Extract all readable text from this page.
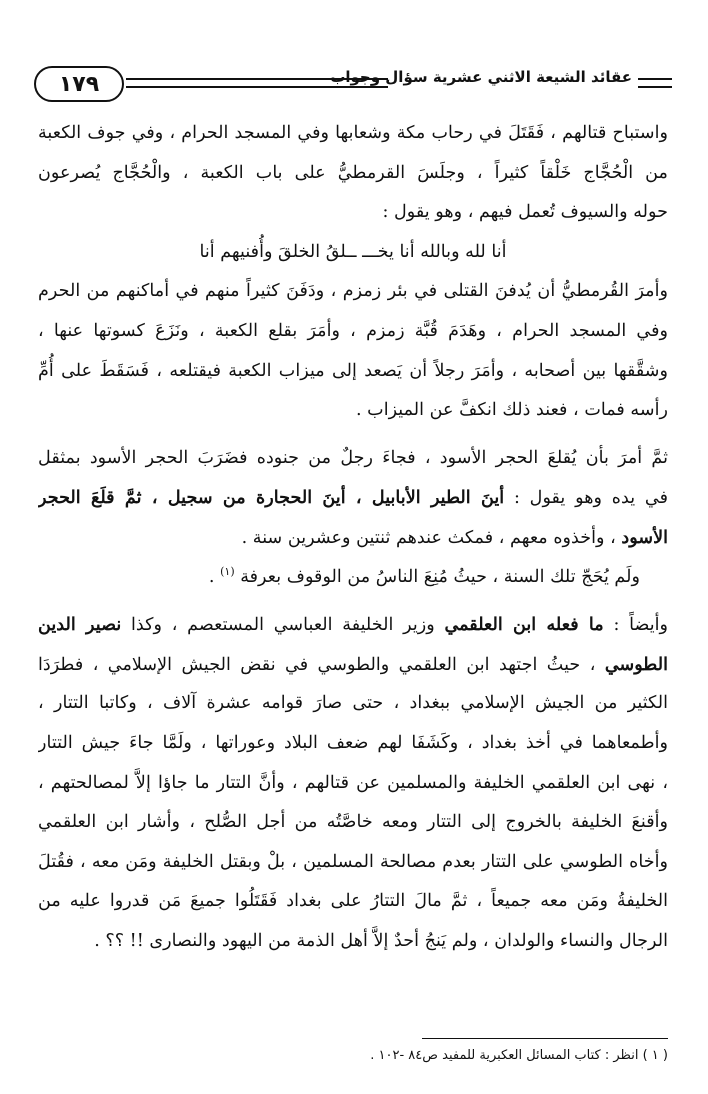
١٧٩	عقائد الشيعة الاثني عشرية سؤال وجواب
واستباح قتالهم ، فَقَتَلَ في رحاب مكة وشعابها وفي المسجد الحرام ، وفي جوف الكعبة
من الْحُجَّاج خَلْقاً كثيراً ، وجلَسَ القرمطيُّ على باب الكعبة ، والْحُجَّاج يُصرعون
حوله والسيوف تُعمل فيهم ، وهو يقول :
أنا لله وبالله أنا يخـــ ــلقُ الخلقَ وأُفنيهم أنا
وأمرَ القُرمطيُّ أن يُدفنَ القتلى في بئر زمزم ، ودَفَنَ كثيراً منهم في أماكنهم من الحرم
وفي المسجد الحرام ، وهَدَمَ قُبَّة زمزم ، وأمَرَ بقلع الكعبة ، ونَزَعَ كسوتها عنها ،
وشقَّقها بين أصحابه ، وأمَرَ رجلاً أن يَصعد إلى ميزاب الكعبة فيقتلعه ، فَسَقَطَ على أُمِّ
رأسه فمات ، فعند ذلك انكفَّ عن الميزاب .
ثمَّ أمرَ بأن يُقلعَ الحجر الأسود ، فجاءَ رجلٌ من جنوده فضَرَبَ الحجر الأسود بمثقل
في يده وهو يقول : أينَ الطير الأبابيل ، أينَ الحجارة من سجيل ، ثمَّ قلَعَ الحجر
الأسود ، وأخذوه معهم ، فمكث عندهم ثنتين وعشرين سنة .
ولَم يُحَجّ تلك السنة ، حيثُ مُنِعَ الناسُ من الوقوف بعرفة $^{(١)}$ .
وأيضاً : ما فعله ابن العلقمي وزير الخليفة العباسي المستعصم ، وكذا نصير الدين
الطوسي ، حيثُ اجتهد ابن العلقمي والطوسي في نقض الجيش الإسلامي ، فطرَدَا
الكثير من الجيش الإسلامي ببغداد ، حتى صارَ قوامه عشرة آلاف ، وكاتبا التتار ،
وأطمعاهما في أخذ بغداد ، وكَشَفَا لهم ضعف البلاد وعوراتها ، ولَمَّا جاءَ جيش التتار
، نهى ابن العلقمي الخليفة والمسلمين عن قتالهم ، وأنَّ التتار ما جاؤا إلاَّ لمصالحتهم ،
وأقنعَ الخليفة بالخروج إلى التتار ومعه خاصَّتُه من أجل الصُّلح ، وأشار ابن العلقمي
وأخاه الطوسي على التتار بعدم مصالحة المسلمين ، بلْ وبقتل الخليفة ومَن معه ، فقُتلَ
الخليفةُ ومَن معه جميعاً ، ثمَّ مالَ التتارُ على بغداد فَقَتَلُوا جميعَ مَن قدروا عليه من
الرجال والنساء والولدان ، ولم يَنجُ أحدٌ إلاَّ أهل الذمة من اليهود والنصارى !! ؟؟ .
( ١ ) انظر : كتاب المسائل العكبرية للمفيد ص٨٤ -١٠٢ .
